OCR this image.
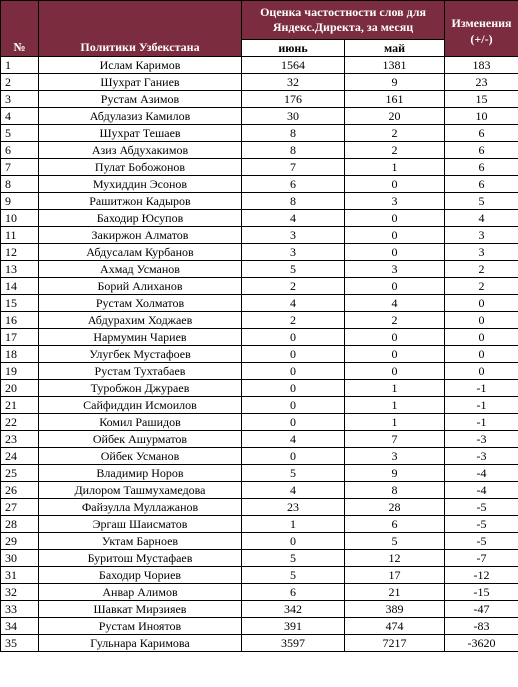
№	Политики Узбекстана	Оценка частостности слов для Яндекс.Директа, за месяц		Изменения (+/-)
		июнь	май	
1	Ислам Каримов	1564	1381	183
2	Шухрат Ганиев	32	9	23
3	Рустам Азимов	176	161	15
4	Абдулазиз Камилов	30	20	10
5	Шухрат Тешаев	8	2	6
6	Азиз Абдухакимов	8	2	6
7	Пулат Бобожонов	7	1	6
8	Мухиддин Эсонов	6	0	6
9	Рашитжон Кадыров	8	3	5
10	Баходир Юсупов	4	0	4
11	Закиржон Алматов	3	0	3
12	Абдусалам Курбанов	3	0	3
13	Ахмад Усманов	5	3	2
14	Борий Алиханов	2	0	2
15	Рустам Холматов	4	4	0
16	Абдурахим Ходжаев	2	2	0
17	Нармумин Чариев	0	0	0
18	Улугбек Мустафоев	0	0	0
19	Рустам Тухтабаев	0	0	0
20	Туробжон Джураев	0	1	-1
21	Сайфиддин Исмоилов	0	1	-1
22	Комил Рашидов	0	1	-1
23	Ойбек Ашурматов	4	7	-3
24	Ойбек Усманов	0	3	-3
25	Владимир Норов	5	9	-4
26	Дилором Ташмухамедова	4	8	-4
27	Файзулла Муллажанов	23	28	-5
28	Эргаш Шаисматов	1	6	-5
29	Уктам Барноев	0	5	-5
30	Буритош Мустафаев	5	12	-7
31	Баходир Чориев	5	17	-12
32	Анвар Алимов	6	21	-15
33	Шавкат Мирзияев	342	389	-47
34	Рустам Иноятов	391	474	-83
35	Гульнара Каримова	3597	7217	-3620
